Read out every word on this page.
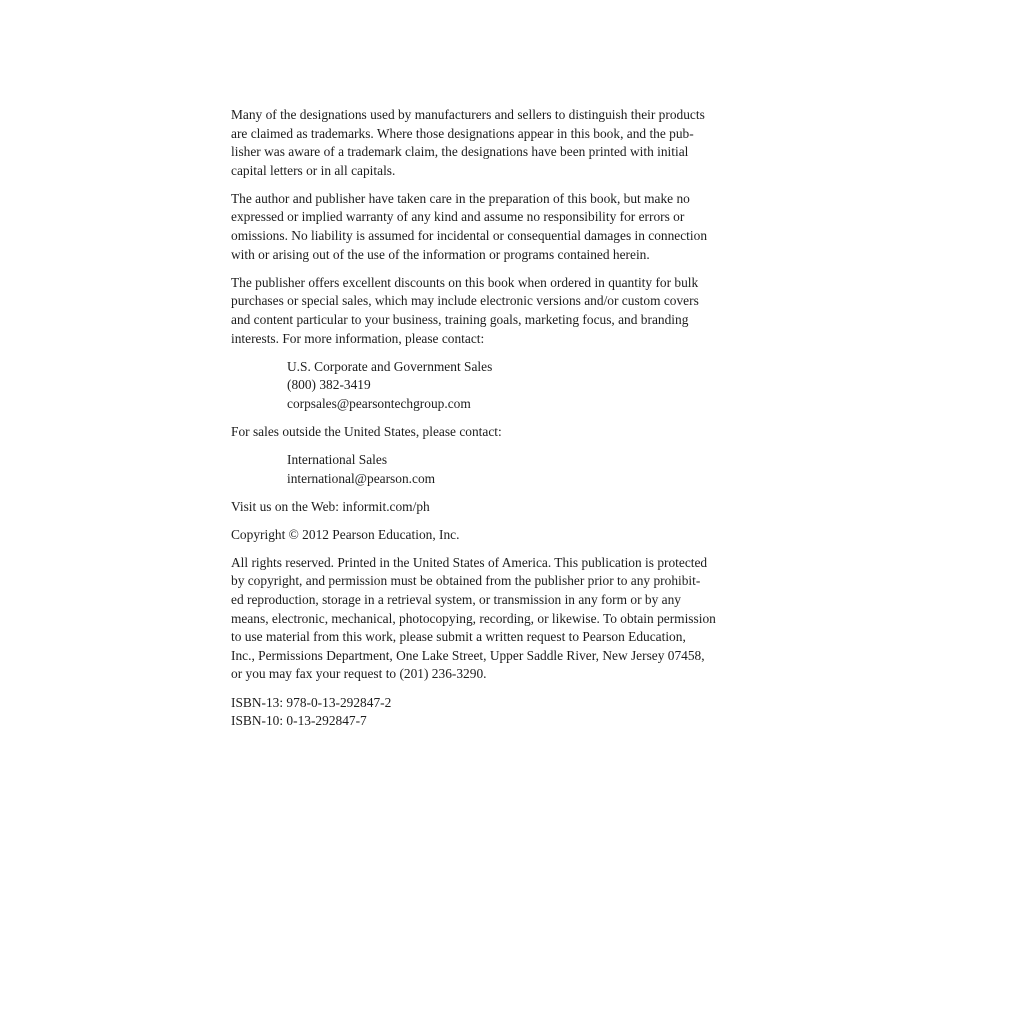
Many of the designations used by manufacturers and sellers to distinguish their products
are claimed as trademarks. Where those designations appear in this book, and the pub-
lisher was aware of a trademark claim, the designations have been printed with initial
capital letters or in all capitals.

The author and publisher have taken care in the preparation of this book, but make no
expressed or implied warranty of any kind and assume no responsibility for errors or
omissions. No liability is assumed for incidental or consequential damages in connection
with or arising out of the use of the information or programs contained herein.

The publisher offers excellent discounts on this book when ordered in quantity for bulk
purchases or special sales, which may include electronic versions and/or custom covers
and content particular to your business, training goals, marketing focus, and branding
interests. For more information, please contact:

U.S. Corporate and Government Sales
(800) 382-3419
corpsales@pearsontechgroup.com

For sales outside the United States, please contact:

International Sales
international@pearson.com

Visit us on the Web: informit.com/ph

Copyright © 2012 Pearson Education, Inc.

All rights reserved. Printed in the United States of America. This publication is protected
by copyright, and permission must be obtained from the publisher prior to any prohibit-
ed reproduction, storage in a retrieval system, or transmission in any form or by any
means, electronic, mechanical, photocopying, recording, or likewise. To obtain permission
to use material from this work, please submit a written request to Pearson Education,
Inc., Permissions Department, One Lake Street, Upper Saddle River, New Jersey 07458,
or you may fax your request to (201) 236-3290.

ISBN-13: 978-0-13-292847-2
ISBN-10: 0-13-292847-7
